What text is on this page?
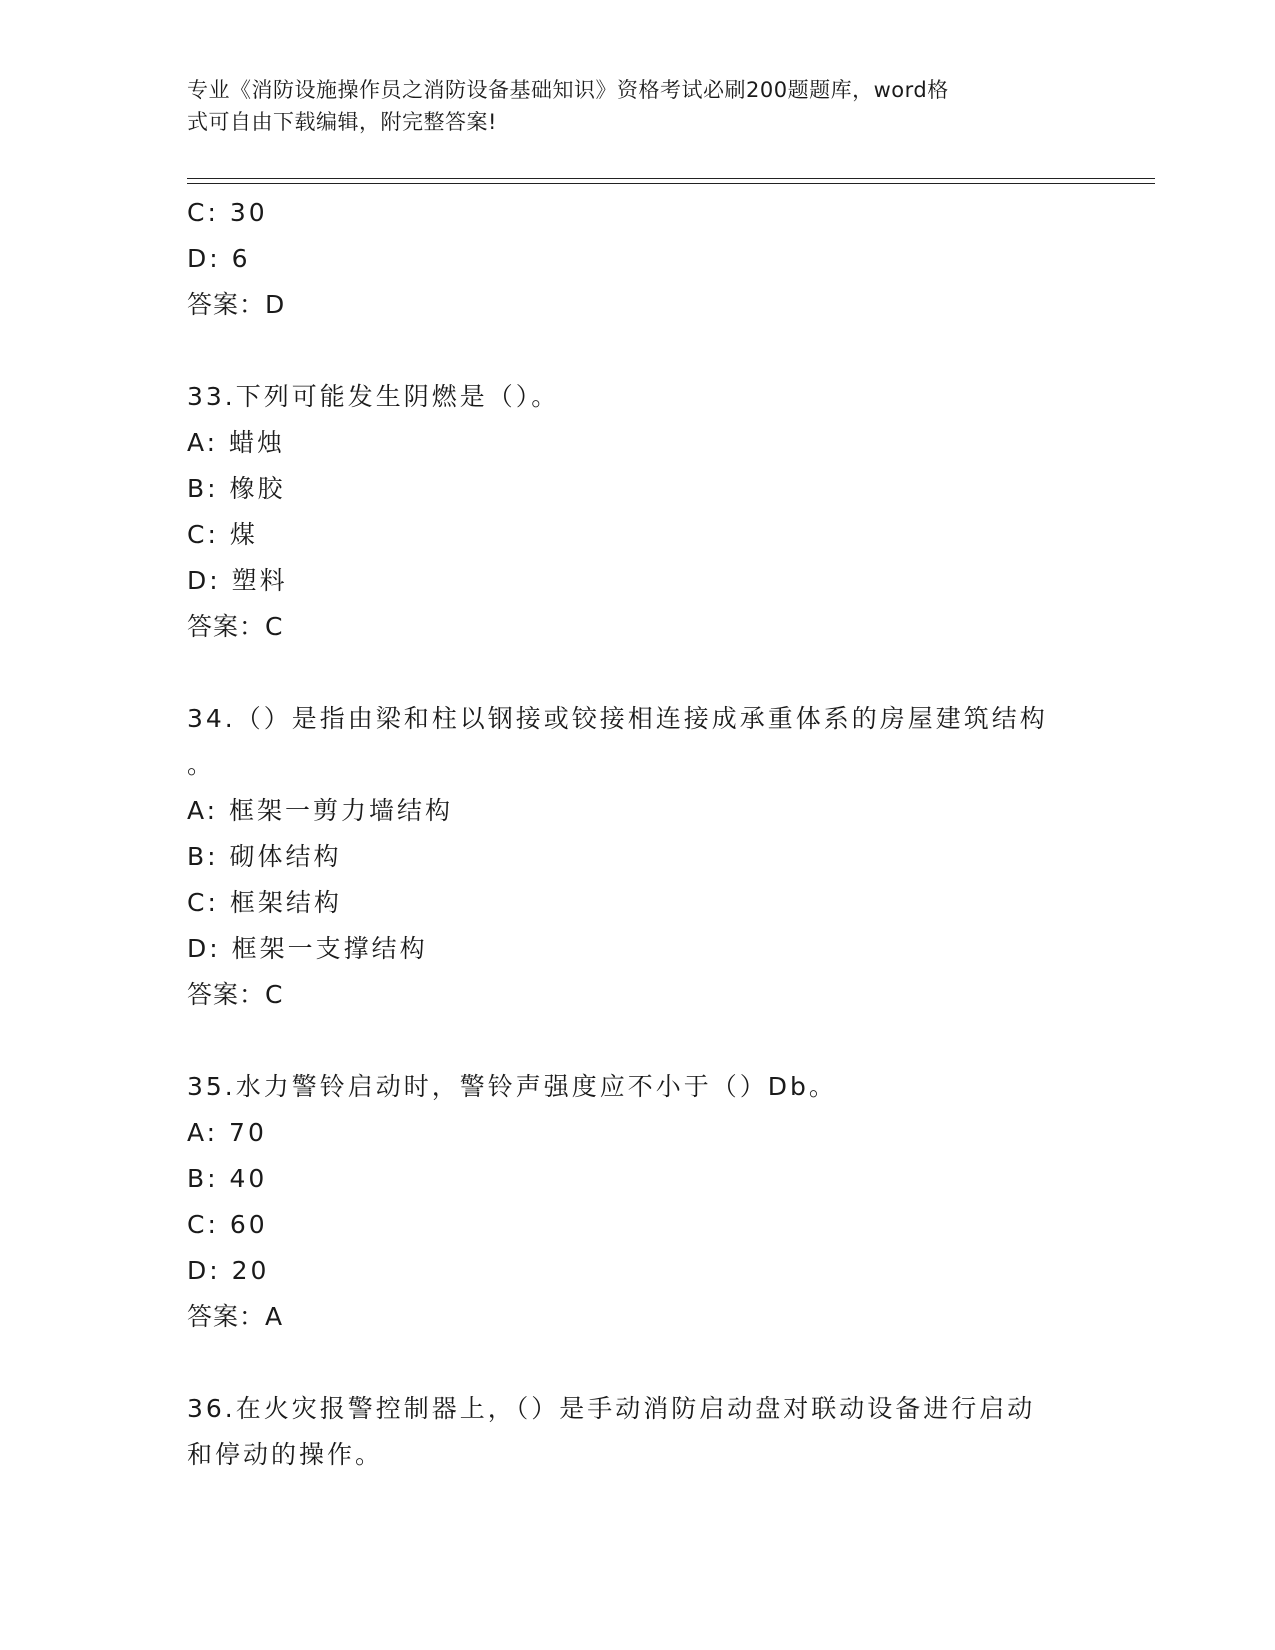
专业《消防设施操作员之消防设备基础知识》资格考试必刷200题题库，word格
式可自由下载编辑，附完整答案!
C: 30
D: 6
答案：D
33.下列可能发生阴燃是（）。
A: 蜡烛
B: 橡胶
C: 煤
D: 塑料
答案：C
34.（）是指由梁和柱以钢接或铰接相连接成承重体系的房屋建筑结构
。
A: 框架一剪力墙结构
B: 砌体结构
C: 框架结构
D: 框架一支撑结构
答案：C
35.水力警铃启动时，警铃声强度应不小于（）Db。
A: 70
B: 40
C: 60
D: 20
答案：A
36.在火灾报警控制器上，（）是手动消防启动盘对联动设备进行启动
和停动的操作。
